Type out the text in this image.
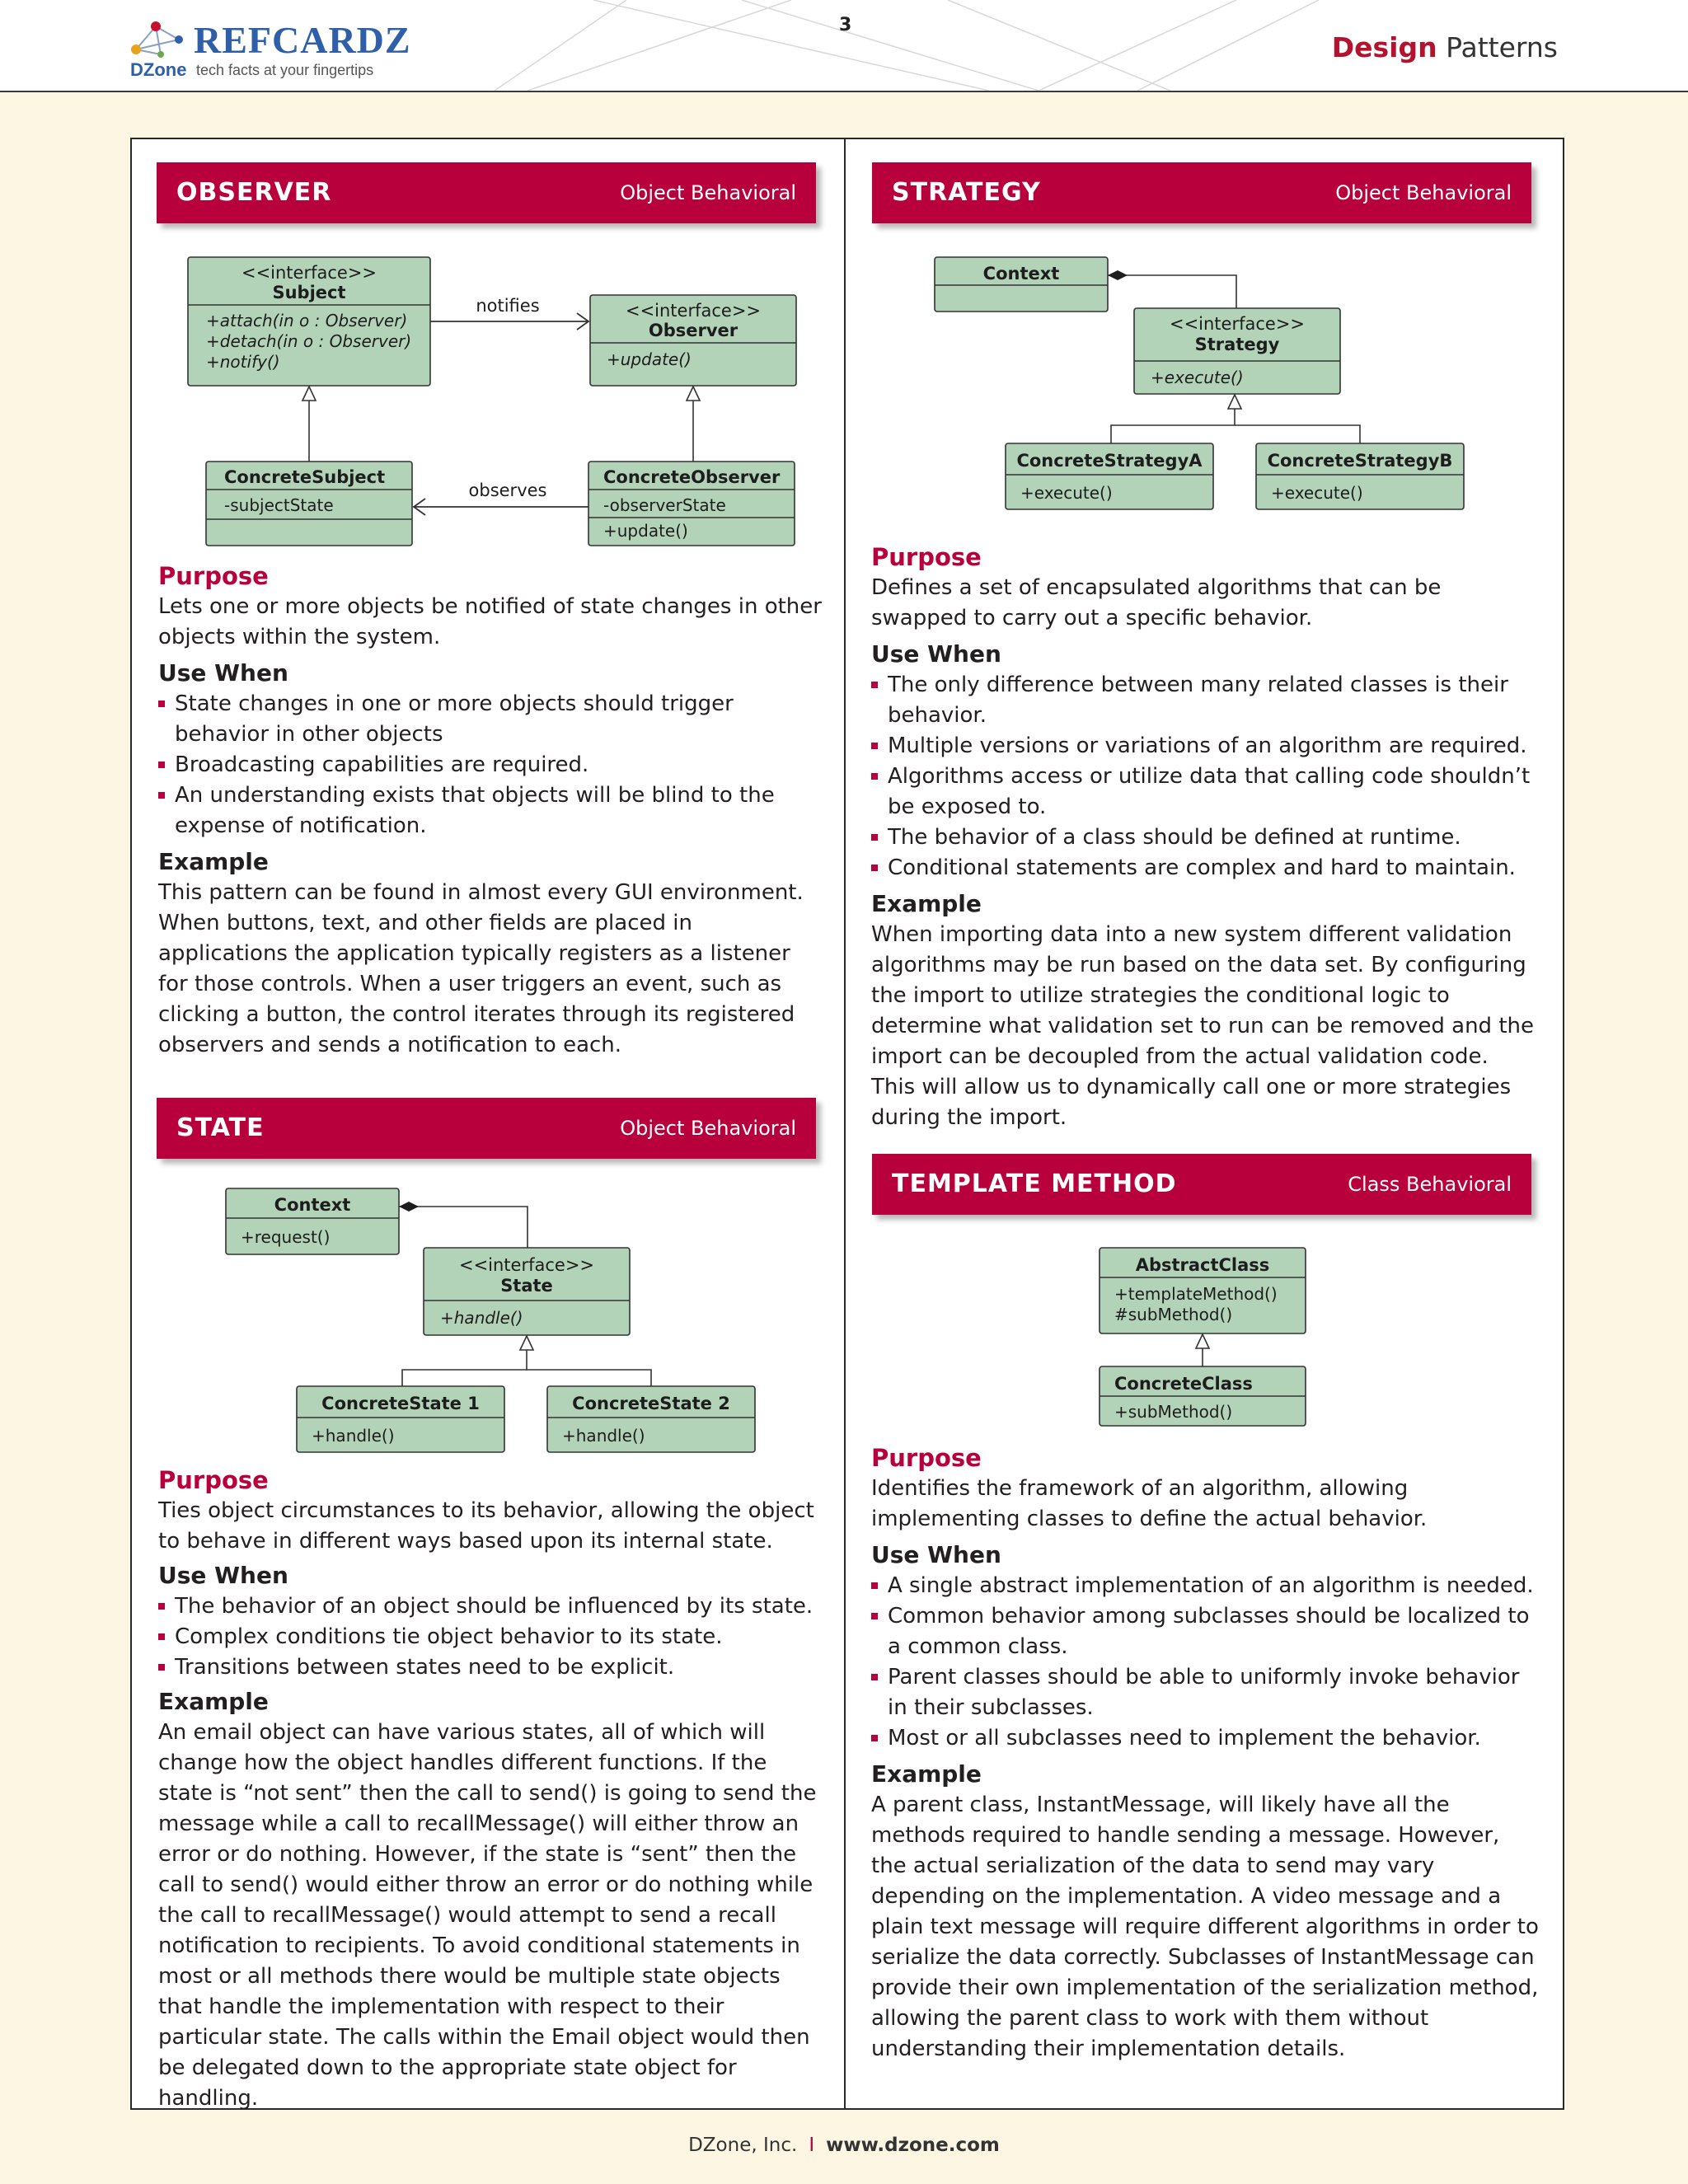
REFCARDZ
DZone tech facts at your fingertips
3
Design Patterns
OBSERVER	Object Behavioral
<<interface>>
Subject
+attach(in o : Observer)
+detach(in o : Observer)
+notify()
<<interface>>
Observer
+update()
notifies
ConcreteSubject
-subjectState
ConcreteObserver
-observerState
+update()
observes
Purpose

Lets one or more objects be notified of state changes in other objects within the system.

Use When
State changes in one or more objects should trigger behavior in other objects
Broadcasting capabilities are required.
An understanding exists that objects will be blind to the expense of notification.
Example

This pattern can be found in almost every GUI environment. When buttons, text, and other fields are placed in applications the application typically registers as a listener for those controls. When a user triggers an event, such as clicking a button, the control iterates through its registered observers and sends a notification to each.

STATE	Object Behavioral
Context
+request()
<<interface>>
State
+handle()
ConcreteState 1
+handle()
ConcreteState 2
+handle()
Purpose

Ties object circumstances to its behavior, allowing the object to behave in different ways based upon its internal state.

Use When
The behavior of an object should be influenced by its state.
Complex conditions tie object behavior to its state.
Transitions between states need to be explicit.
Example

An email object can have various states, all of which will change how the object handles different functions. If the state is “not sent” then the call to send() is going to send the message while a call to recallMessage() will either throw an error or do nothing. However, if the state is “sent” then the call to send() would either throw an error or do nothing while the call to recallMessage() would attempt to send a recall notification to recipients. To avoid conditional statements in most or all methods there would be multiple state objects that handle the implementation with respect to their particular state. The calls within the Email object would then be delegated down to the appropriate state object for handling.

STRATEGY	Object Behavioral
Context
<<interface>>
Strategy
+execute()
ConcreteStrategyA
+execute()
ConcreteStrategyB
+execute()
Purpose

Defines a set of encapsulated algorithms that can be swapped to carry out a specific behavior.

Use When
The only difference between many related classes is their behavior.
Multiple versions or variations of an algorithm are required.
Algorithms access or utilize data that calling code shouldn’t be exposed to.
The behavior of a class should be defined at runtime.
Conditional statements are complex and hard to maintain.
Example

When importing data into a new system different validation algorithms may be run based on the data set. By configuring the import to utilize strategies the conditional logic to determine what validation set to run can be removed and the import can be decoupled from the actual validation code. This will allow us to dynamically call one or more strategies during the import.

TEMPLATE METHOD	Class Behavioral
AbstractClass
+templateMethod()
#subMethod()
ConcreteClass
+subMethod()
Purpose

Identifies the framework of an algorithm, allowing implementing classes to define the actual behavior.

Use When
A single abstract implementation of an algorithm is needed.
Common behavior among subclasses should be localized to a common class.
Parent classes should be able to uniformly invoke behavior in their subclasses.
Most or all subclasses need to implement the behavior.
Example

A parent class, InstantMessage, will likely have all the methods required to handle sending a message. However, the actual serialization of the data to send may vary depending on the implementation. A video message and a plain text message will require different algorithms in order to serialize the data correctly. Subclasses of InstantMessage can provide their own implementation of the serialization method, allowing the parent class to work with them without understanding their implementation details.

DZone, Inc. I www.dzone.com
